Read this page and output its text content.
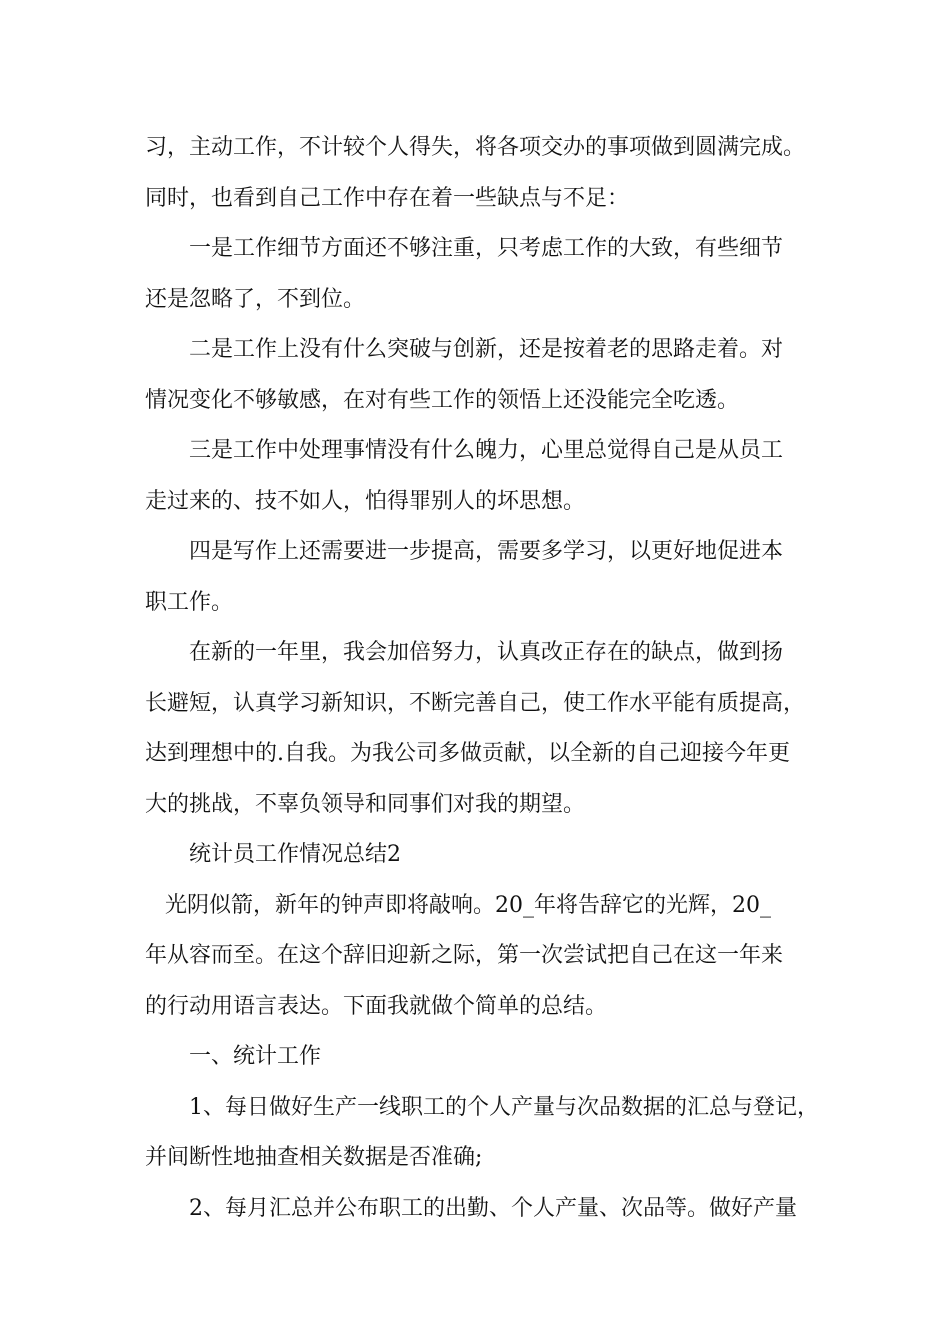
习，主动工作，不计较个人得失，将各项交办的事项做到圆满完成。

同时，也看到自己工作中存在着一些缺点与不足：

一是工作细节方面还不够注重，只考虑工作的大致，有些细节

还是忽略了，不到位。

二是工作上没有什么突破与创新，还是按着老的思路走着。对

情况变化不够敏感，在对有些工作的领悟上还没能完全吃透。

三是工作中处理事情没有什么魄力，心里总觉得自己是从员工

走过来的、技不如人，怕得罪别人的坏思想。

四是写作上还需要进一步提高，需要多学习，以更好地促进本

职工作。

在新的一年里，我会加倍努力，认真改正存在的缺点，做到扬

长避短，认真学习新知识，不断完善自己，使工作水平能有质提高，

达到理想中的.自我。为我公司多做贡献，以全新的自己迎接今年更

大的挑战，不辜负领导和同事们对我的期望。

统计员工作情况总结2

光阴似箭，新年的钟声即将敲响。20_年将告辞它的光辉，20_

年从容而至。在这个辞旧迎新之际，第一次尝试把自己在这一年来

的行动用语言表达。下面我就做个简单的总结。

一、统计工作

1、每日做好生产一线职工的个人产量与次品数据的汇总与登记，

并间断性地抽查相关数据是否准确;

2、每月汇总并公布职工的出勤、个人产量、次品等。做好产量
